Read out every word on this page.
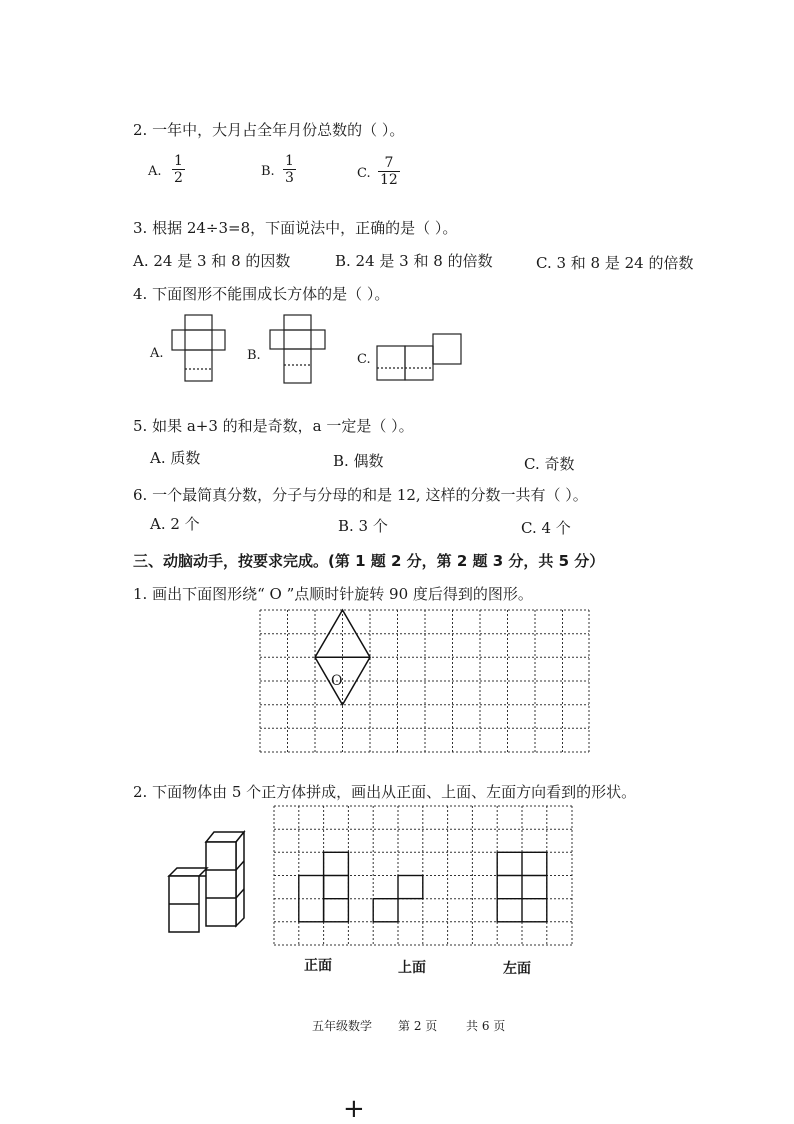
2. 一年中，大月占全年月份总数的（ ）。
A. $\frac{1}{2}$	B. $\frac{1}{3}$	C. $\frac{7}{12}$
3. 根据 24÷3=8，下面说法中，正确的是（ ）。
A. 24 是 3 和 8 的因数	B. 24 是 3 和 8 的倍数	C. 3 和 8 是 24 的倍数
4. 下面图形不能围成长方体的是（ ）。
A.	B.	C.
5. 如果 a+3 的和是奇数，a 一定是（ ）。
A. 质数	B. 偶数	C. 奇数
6. 一个最简真分数，分子与分母的和是 12, 这样的分数一共有（ ）。
A. 2 个	B. 3 个	C. 4 个
三、动脑动手，按要求完成。(第 1 题 2 分，第 2 题 3 分，共 5 分）
1. 画出下面图形绕“ O ”点顺时针旋转 90 度后得到的图形。
O
2. 下面物体由 5 个正方体拼成，画出从正面、上面、左面方向看到的形状。
正面	上面	左面
五年级数学 第 2 页 共 6 页
+
